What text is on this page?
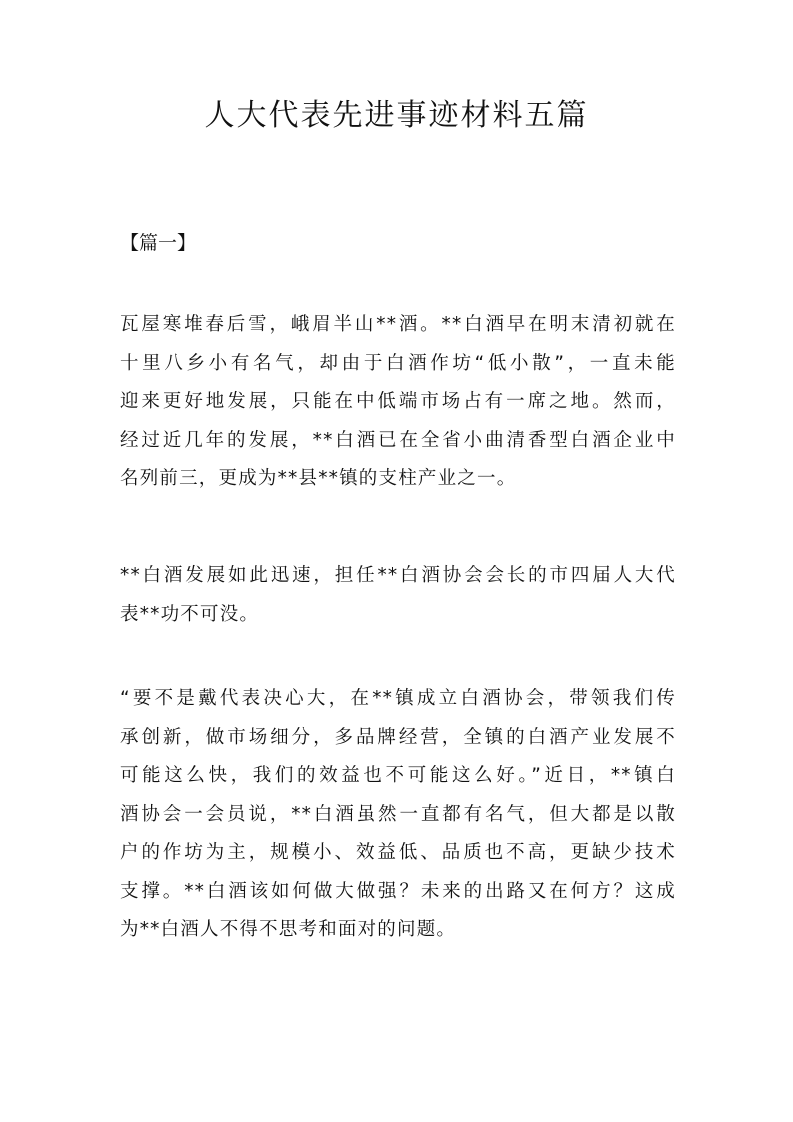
人大代表先进事迹材料五篇
【篇一】

瓦屋寒堆春后雪，峨眉半山**酒。**白酒早在明末清初就在
十里八乡小有名气，却由于白酒作坊“低小散”，一直未能
迎来更好地发展，只能在中低端市场占有一席之地。然而，
经过近几年的发展，**白酒已在全省小曲清香型白酒企业中
名列前三，更成为**县**镇的支柱产业之一。

**白酒发展如此迅速，担任**白酒协会会长的市四届人大代
表**功不可没。

“要不是戴代表决心大，在**镇成立白酒协会，带领我们传
承创新，做市场细分，多品牌经营，全镇的白酒产业发展不
可能这么快，我们的效益也不可能这么好。”近日，**镇白
酒协会一会员说，**白酒虽然一直都有名气，但大都是以散
户的作坊为主，规模小、效益低、品质也不高，更缺少技术
支撑。**白酒该如何做大做强？未来的出路又在何方？这成
为**白酒人不得不思考和面对的问题。
